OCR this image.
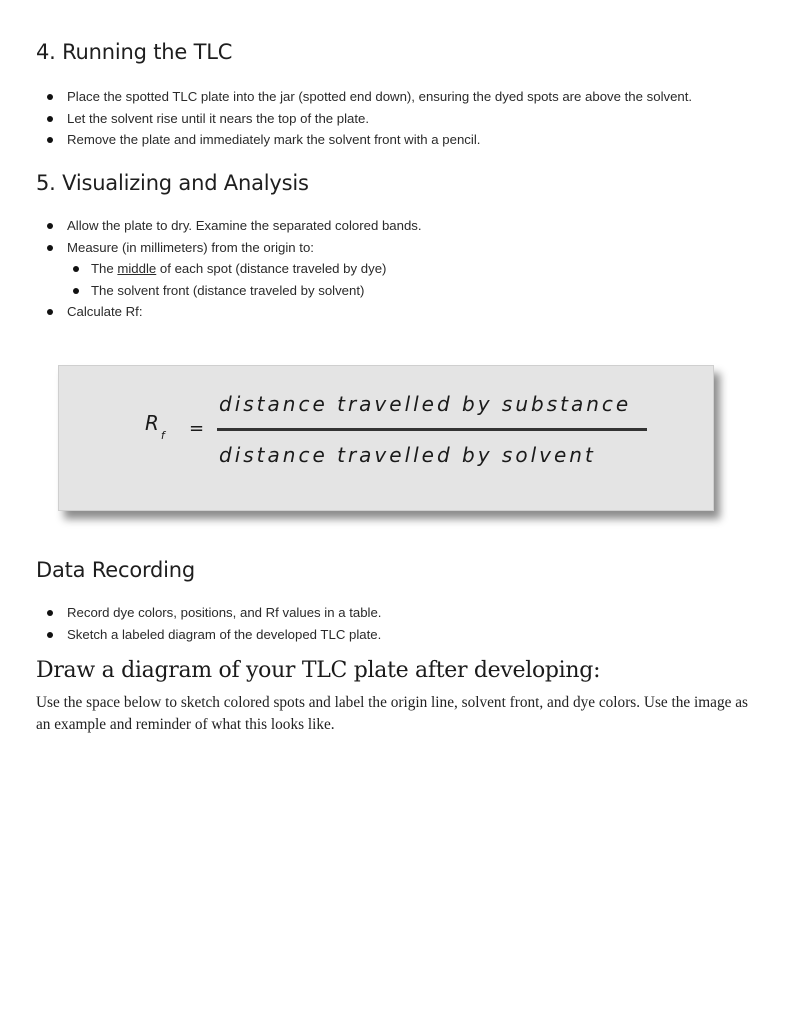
4. Running the TLC
Place the spotted TLC plate into the jar (spotted end down), ensuring the dyed spots are above the solvent.
Let the solvent rise until it nears the top of the plate.
Remove the plate and immediately mark the solvent front with a pencil.
5. Visualizing and Analysis
Allow the plate to dry. Examine the separated colored bands.
Measure (in millimeters) from the origin to:
The middle of each spot (distance traveled by dye)
The solvent front (distance traveled by solvent)
Calculate Rf:
$R_f$ =
distance travelled by substance
distance travelled by solvent
Data Recording
Record dye colors, positions, and Rf values in a table.
Sketch a labeled diagram of the developed TLC plate.
Draw a diagram of your TLC plate after developing:

Use the space below to sketch colored spots and label the origin line, solvent front, and dye colors. Use the image as an example and reminder of what this looks like.
